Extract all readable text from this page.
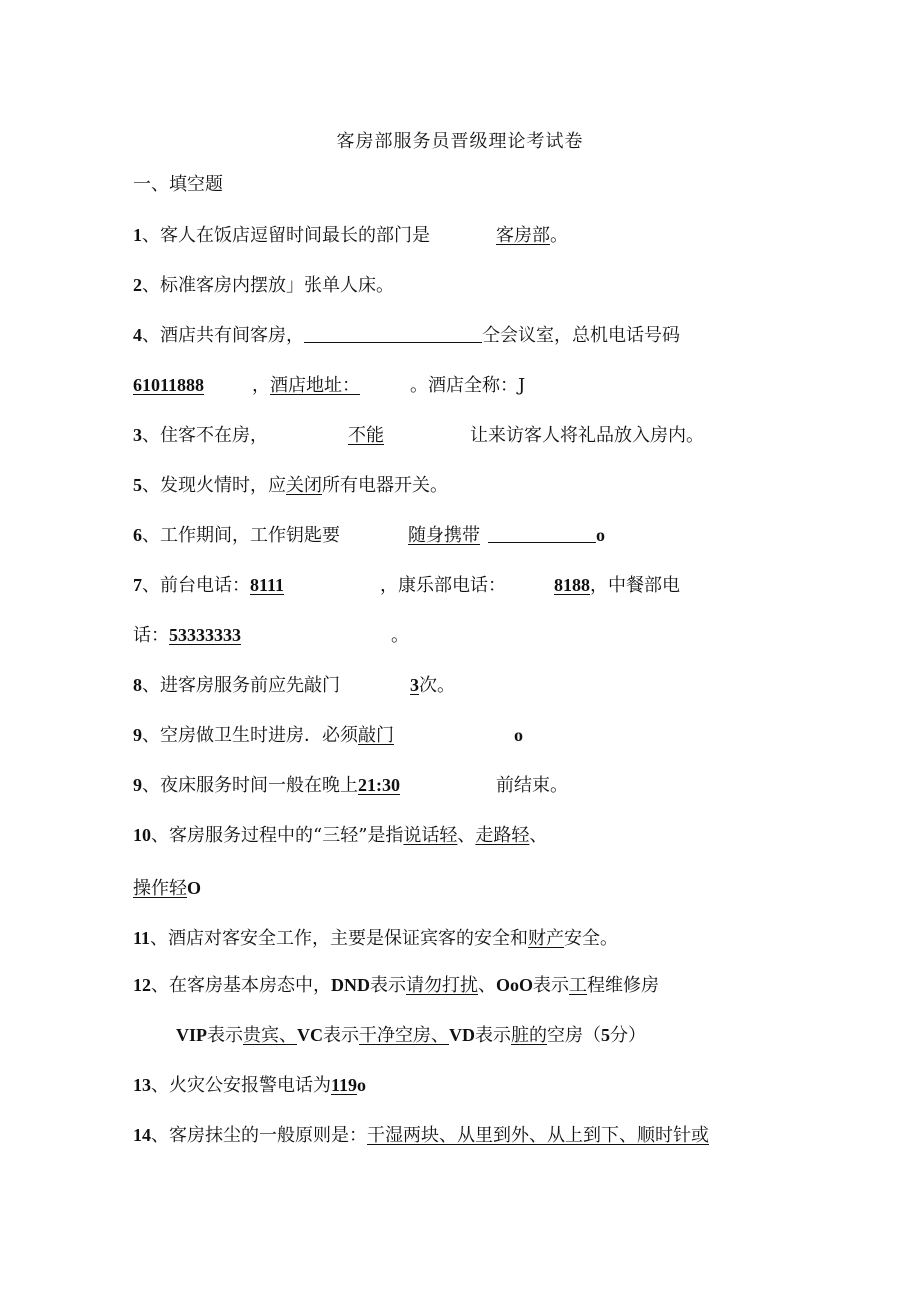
客房部服务员晋级理论考试卷
一、填空题
1、客人在饭店逗留时间最长的部门是	客房部。
2、标准客房内摆放」张单人床。
4、酒店共有间客房，	仝会议室，总机电话号码
61011888	，酒店地址：	。酒店全称：J
3、住客不在房，	不能	让来访客人将礼品放入房内。
5、发现火情时，应关闭所有电器开关。
6、工作期间，工作钥匙要	随身携带	o
7、前台电话：8111	，康乐部电话：	8188，中餐部电
话：53333333	。
8、进客房服务前应先敲门	3次。
9、空房做卫生时进房．必须敲门	o
9、夜床服务时间一般在晚上21:30	前结束。
10、客房服务过程中的“三轻”是指说话轻、走路轻、
操作轻O
11、酒店对客安全工作，主要是保证宾客的安全和财产安全。
12、在客房基本房态中，DND表示请勿打扰、OoO表示工程维修房
VIP表示贵宾、VC表示干净空房、VD表示脏的空房（5分）
13、火灾公安报警电话为119o
14、客房抹尘的一般原则是：干湿两块、从里到外、从上到下、顺时针或
